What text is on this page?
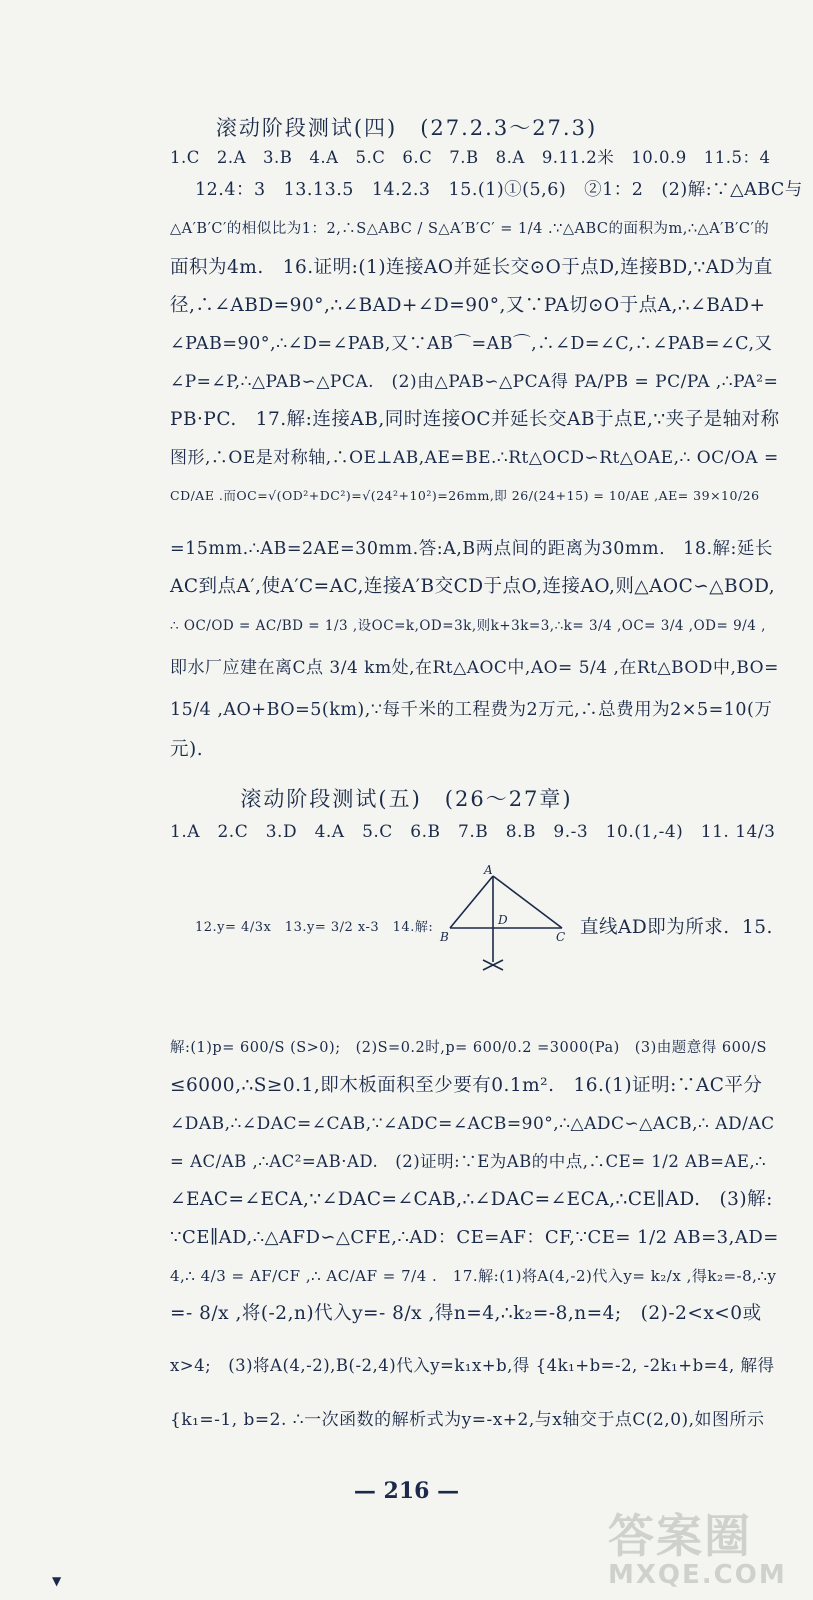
滚动阶段测试(四)　(27.2.3～27.3)
1.C　2.A　3.B　4.A　5.C　6.C　7.B　8.A　9.11.2米　10.0.9　11.5：4
12.4：3　13.13.5　14.2.3　15.(1)①(5,6)　②1：2　(2)解:∵△ABC与
△A′B′C′的相似比为1：2,∴S△ABC / S△A′B′C′ = 1/4 .∵△ABC的面积为m,∴△A′B′C′的
面积为4m.　16.证明:(1)连接AO并延长交⊙O于点D,连接BD,∵AD为直
径,∴∠ABD=90°,∴∠BAD+∠D=90°,又∵PA切⊙O于点A,∴∠BAD+
∠PAB=90°,∴∠D=∠PAB,又∵AB⌒=AB⌒,∴∠D=∠C,∴∠PAB=∠C,又
∠P=∠P,∴△PAB∽△PCA.　(2)由△PAB∽△PCA得 PA/PB = PC/PA ,∴PA²=
PB·PC.　17.解:连接AB,同时连接OC并延长交AB于点E,∵夹子是轴对称
图形,∴OE是对称轴,∴OE⊥AB,AE=BE.∴Rt△OCD∽Rt△OAE,∴ OC/OA =
CD/AE .而OC=√(OD²+DC²)=√(24²+10²)=26mm,即 26/(24+15) = 10/AE ,AE= 39×10/26
=15mm.∴AB=2AE=30mm.答:A,B两点间的距离为30mm.　18.解:延长
AC到点A′,使A′C=AC,连接A′B交CD于点O,连接AO,则△AOC∽△BOD,
∴ OC/OD = AC/BD = 1/3 ,设OC=k,OD=3k,则k+3k=3,∴k= 3/4 ,OC= 3/4 ,OD= 9/4 ,
即水厂应建在离C点 3/4 km处,在Rt△AOC中,AO= 5/4 ,在Rt△BOD中,BO=
15/4 ,AO+BO=5(km),∵每千米的工程费为2万元,∴总费用为2×5=10(万
元).
滚动阶段测试(五)　(26～27章)
1.A　2.C　3.D　4.A　5.C　6.B　7.B　8.B　9.-3　10.(1,-4)　11. 14/3
12.y= 4/3x　13.y= 3/2 x-3　14.解:
解:(1)p= 600/S (S>0);　(2)S=0.2时,p= 600/0.2 =3000(Pa)　(3)由题意得 600/S
≤6000,∴S≥0.1,即木板面积至少要有0.1m².　16.(1)证明:∵AC平分
∠DAB,∴∠DAC=∠CAB,∵∠ADC=∠ACB=90°,∴△ADC∽△ACB,∴ AD/AC
= AC/AB ,∴AC²=AB·AD.　(2)证明:∵E为AB的中点,∴CE= 1/2 AB=AE,∴
∠EAC=∠ECA,∵∠DAC=∠CAB,∴∠DAC=∠ECA,∴CE∥AD.　(3)解:
∵CE∥AD,∴△AFD∽△CFE,∴AD：CE=AF：CF,∵CE= 1/2 AB=3,AD=
4,∴ 4/3 = AF/CF ,∴ AC/AF = 7/4 .　17.解:(1)将A(4,-2)代入y= k₂/x ,得k₂=-8,∴y
=- 8/x ,将(-2,n)代入y=- 8/x ,得n=4,∴k₂=-8,n=4;　(2)-2<x<0或
x>4;　(3)将A(4,-2),B(-2,4)代入y=k₁x+b,得 {4k₁+b=-2, -2k₁+b=4, 解得
{k₁=-1, b=2. ∴一次函数的解析式为y=-x+2,与x轴交于点C(2,0),如图所示
A
B	C
D	直线AD即为所求. 15.
— 216 —
答案圈
MXQE.COM
▼
